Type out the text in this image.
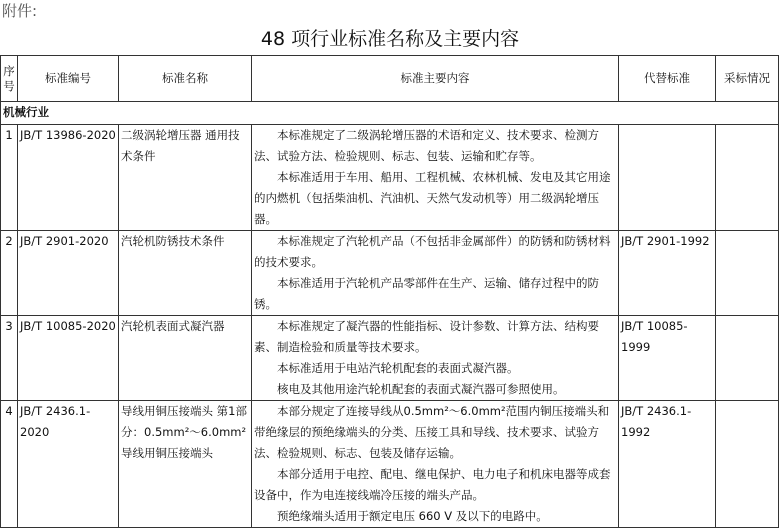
附件:
48 项行业标准名称及主要内容
序号	标准编号	标准名称	标准主要内容	代替标准	采标情况
机械行业					
1	JB/T 13986-2020	二级涡轮增压器 通用技术条件	本标准规定了二级涡轮增压器的术语和定义、技术要求、检测方法、试验方法、检验规则、标志、包装、运输和贮存等。

本标准适用于车用、船用、工程机械、农林机械、发电及其它用途的内燃机（包括柴油机、汽油机、天然气发动机等）用二级涡轮增压器。		

2	JB/T 2901-2020	汽轮机防锈技术条件	本标准规定了汽轮机产品（不包括非金属部件）的防锈和防锈材料的技术要求。

本标准适用于汽轮机产品零部件在生产、运输、储存过程中的防锈。	JB/T 2901-1992	
3	JB/T 10085-2020	汽轮机表面式凝汽器	本标准规定了凝汽器的性能指标、设计参数、计算方法、结构要素、制造检验和质量等技术要求。

本标准适用于电站汽轮机配套的表面式凝汽器。

核电及其他用途汽轮机配套的表面式凝汽器可参照使用。	JB/T 10085-1999	
4	JB/T 2436.1-2020	导线用铜压接端头 第1部分：0.5mm²～6.0mm²导线用铜压接端头	本部分规定了连接导线从0.5mm²～6.0mm²范围内铜压接端头和带绝缘层的预绝缘端头的分类、压接工具和导线、技术要求、试验方法、检验规则、标志、包装及储存运输。

本部分适用于电控、配电、继电保护、电力电子和机床电器等成套设备中，作为电连接线端冷压接的端头产品。

预绝缘端头适用于额定电压 660 V 及以下的电路中。	JB/T 2436.1-1992	
